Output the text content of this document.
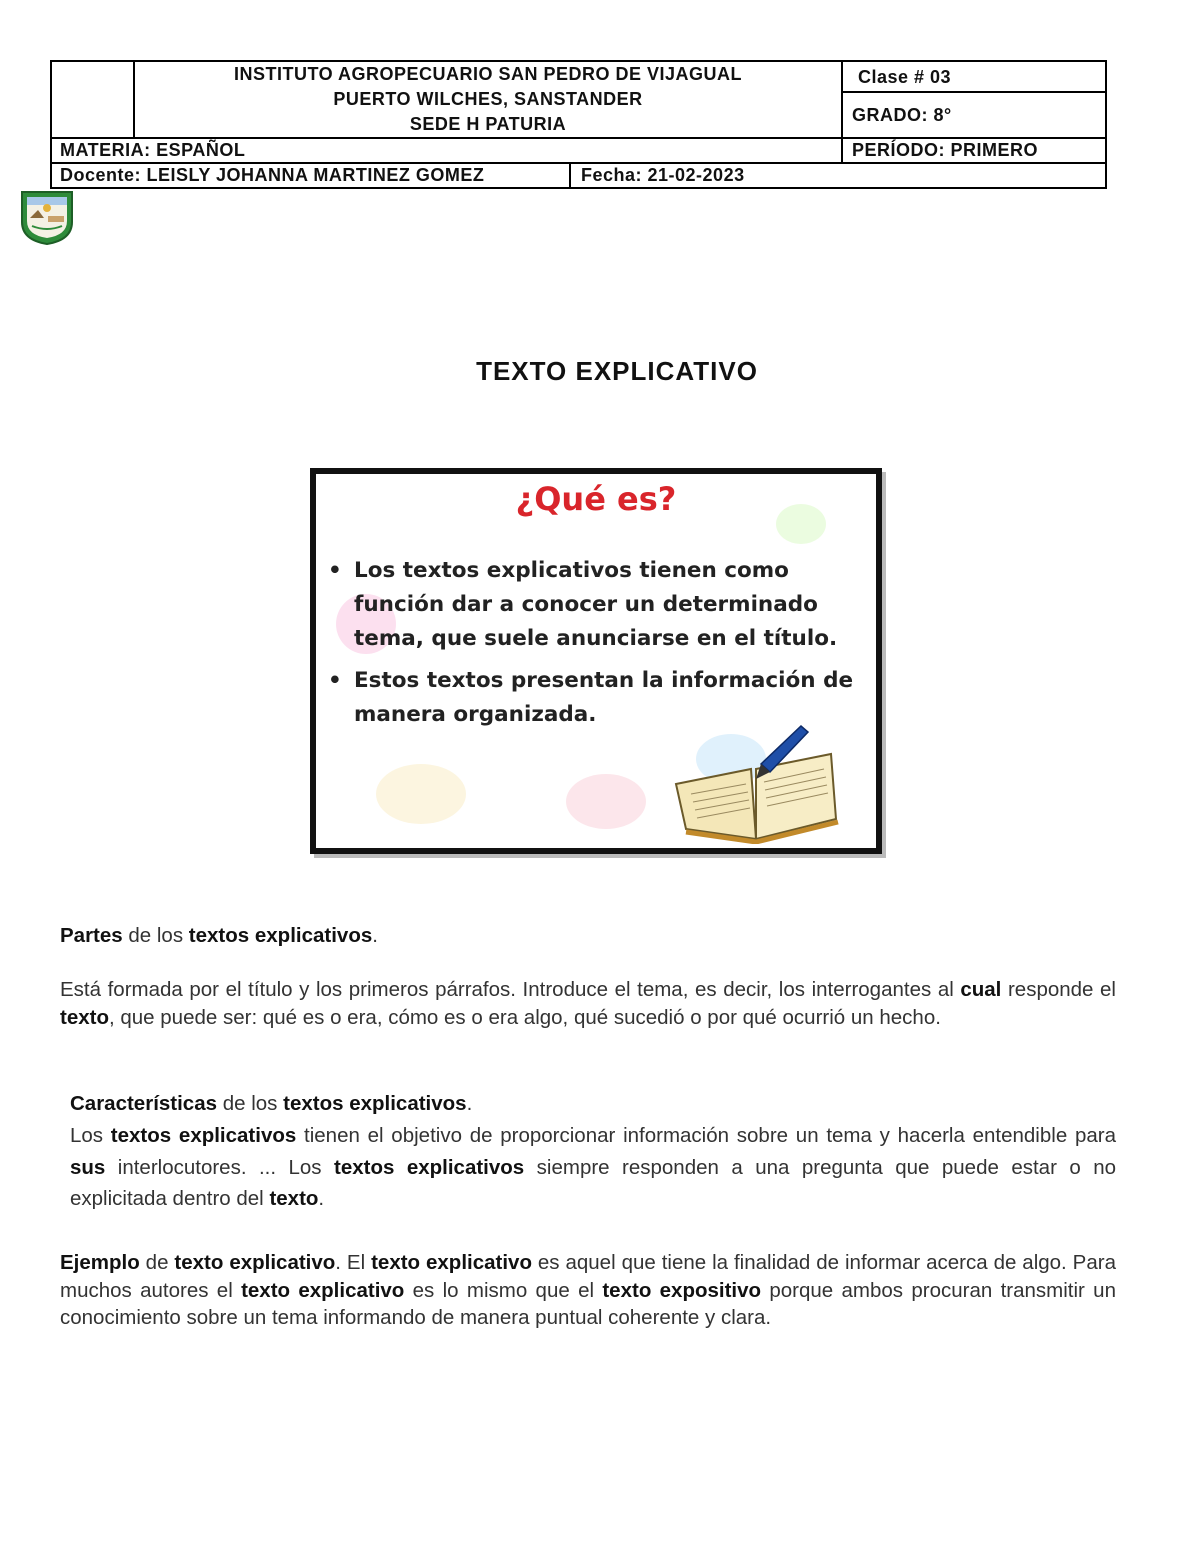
INSTITUTO AGROPECUARIO SAN PEDRO DE VIJAGUAL
PUERTO WILCHES, SANSTANDER
SEDE H PATURIA
Clase # 03
GRADO: 8°
MATERIA: ESPAÑOL	PERÍODO: PRIMERO
Docente: LEISLY JOHANNA MARTINEZ GOMEZ	Fecha: 21-02-2023
TEXTO EXPLICATIVO
¿Qué es?
• Los textos explicativos tienen como función dar a conocer un determinado tema, que suele anunciarse en el título.
• Estos textos presentan la información de manera organizada.
Partes de los textos explicativos.
Está formada por el título y los primeros párrafos. Introduce el tema, es decir, los interrogantes al cual responde el texto, que puede ser: qué es o era, cómo es o era algo, qué sucedió o por qué ocurrió un hecho.
Características de los textos explicativos.
Los textos explicativos tienen el objetivo de proporcionar información sobre un tema y hacerla entendible para sus interlocutores. ... Los textos explicativos siempre responden a una pregunta que puede estar o no explicitada dentro del texto.
Ejemplo de texto explicativo. El texto explicativo es aquel que tiene la finalidad de informar acerca de algo. Para muchos autores el texto explicativo es lo mismo que el texto expositivo porque ambos procuran transmitir un conocimiento sobre un tema informando de manera puntual coherente y clara.
